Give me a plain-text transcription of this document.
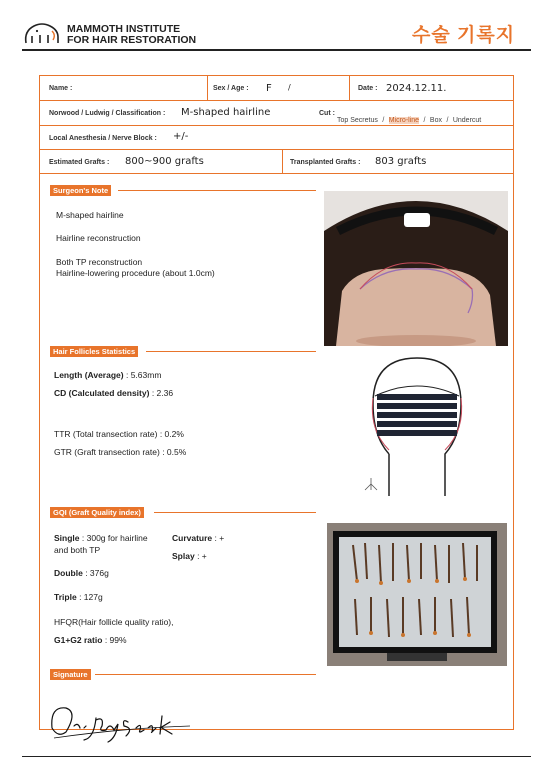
MAMMOTH INSTITUTE
FOR HAIR RESTORATION	수술 기록지
Name :	Sex / Age : F /	Date : 2024.12.11.
Norwood / Ludwig / Classification : M-shaped hairline	Cut :
Top Secretus / Micro-line / Box / Undercut
Local Anesthesia / Nerve Block : +/-
Estimated Grafts : 800~900 grafts	Transplanted Grafts : 803 grafts
Surgeon's Note
M-shaped hairline
Hairline reconstruction
Both TP reconstruction
Hairline-lowering procedure (about 1.0cm)
Hair Follicles Statistics
Length (Average) : 5.63mm
CD (Calculated density) : 2.36
TTR (Total transection rate) : 0.2%
GTR (Graft transection rate) : 0.5%
GQI (Graft Quality index)
Single : 300g for hairline
and both TP
Curvature : +
Splay : +
Double : 376g
Triple : 127g
HFQR(Hair follicle quality ratio),
G1+G2 ratio : 99%
Signature
